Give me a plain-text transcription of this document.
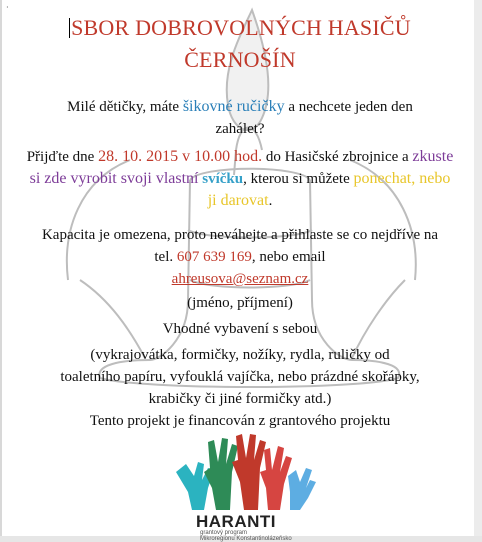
·
SBOR DOBROVOLNÝCH HASIČŮ
ČERNOŠÍN
Milé dětičky, máte šikovné ručičky a nechcete jeden den zahálet?
Přijďte dne 28. 10. 2015 v 10.00 hod. do Hasičské zbrojnice a zkuste si zde vyrobit svoji vlastní svíčku, kterou si můžete ponechat, nebo ji darovat.
Kapacita je omezena, proto neváhejte a přihlaste se co nejdříve na tel. 607 639 169, nebo email
ahreusova@seznam.cz
(jméno, příjmení)
Vhodné vybavení s sebou
(vykrajovátka, formičky, nožíky, rydla, ruličky od toaletního papíru, vyfouklá vajíčka, nebo prázdné skořápky, krabičky či jiné formičky atd.)
Tento projekt je financován z grantového projektu
HARANTI
grantový program
Mikroregionu Konstantinolázeňsko
